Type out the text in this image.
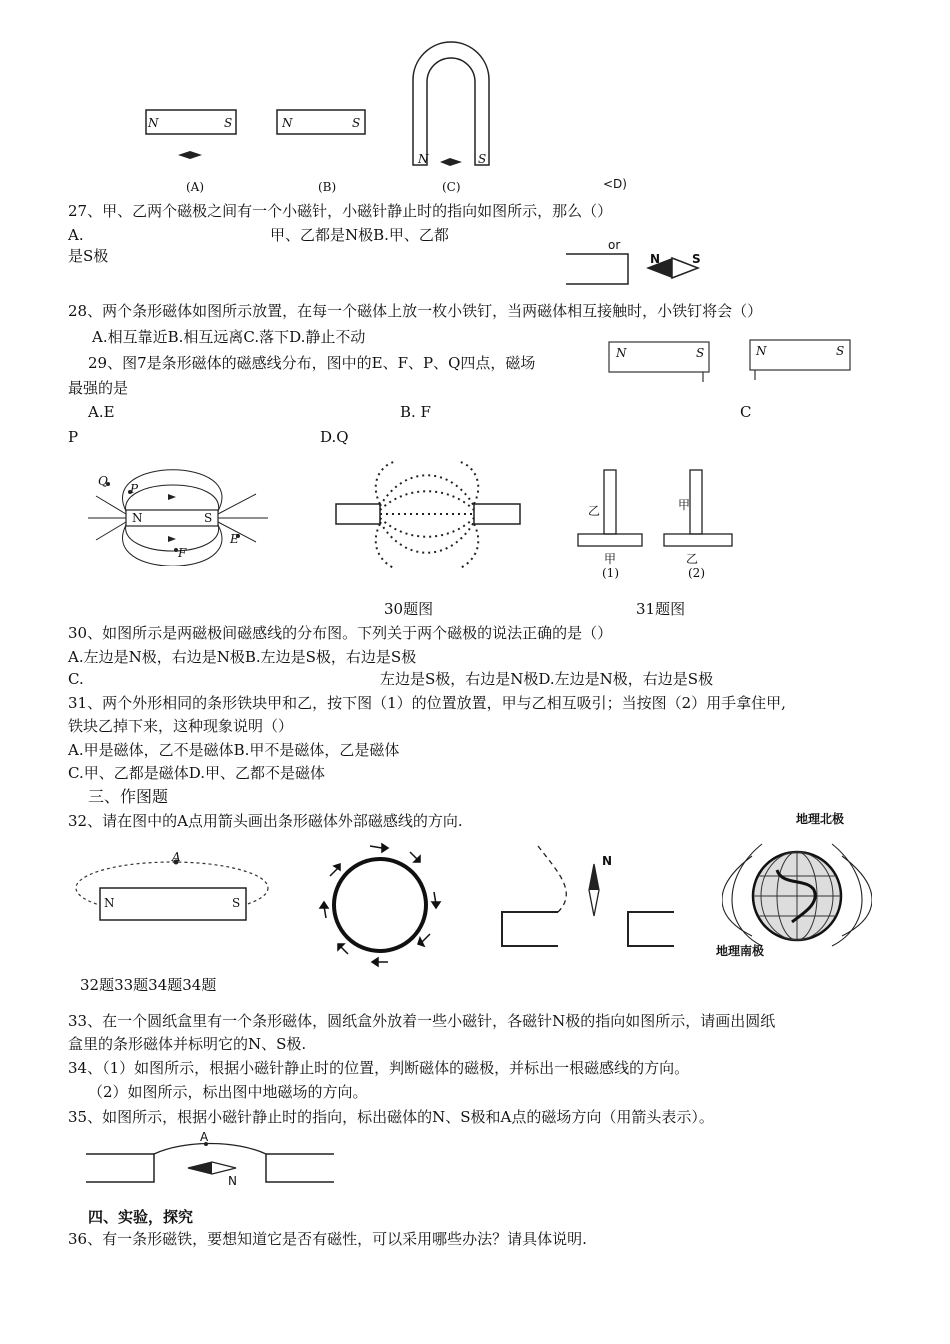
N	S	N	S
N	S
(A)	(B)	(C)	<D)
27、甲、乙两个磁极之间有一个小磁针，小磁针静止时的指向如图所示，那么（）
A.	甲、乙都是N极B.甲、乙都
是S极
or
N	S
28、两个条形磁体如图所示放置，在每一个磁体上放一枚小铁钉，当两磁体相互接触时，小铁钉将会（）
A.相互靠近B.相互远离C.落下D.静止不动
N	S	N	S
29、图7是条形磁体的磁感线分布，图中的E、F、P、Q四点，磁场
最强的是
A.E	B. F	C
P	D.Q
Q
P
N	S
F
E
乙	甲
甲	乙
(1)	(2)
30题图	31题图
30、如图所示是两磁极间磁感线的分布图。下列关于两个磁极的说法正确的是（）
A.左边是N极，右边是N极B.左边是S极，右边是S极
C.	左边是S极，右边是N极D.左边是N极，右边是S极
31、两个外形相同的条形铁块甲和乙，按下图（1）的位置放置，甲与乙相互吸引；当按图（2）用手拿住甲,
铁块乙掉下来，这种现象说明（）
A.甲是磁体，乙不是磁体B.甲不是磁体，乙是磁体
C.甲、乙都是磁体D.甲、乙都不是磁体
三、作图题
32、请在图中的A点用箭头画出条形磁体外部磁感线的方向.
A
N	S
N
地理北极
地理南极
32题33题34题34题
33、在一个圆纸盒里有一个条形磁体，圆纸盒外放着一些小磁针，各磁针N极的指向如图所示，请画出圆纸
盒里的条形磁体并标明它的N、S极.
34、（1）如图所示，根据小磁针静止时的位置，判断磁体的磁极，并标出一根磁感线的方向。
（2）如图所示，标出图中地磁场的方向。
35、如图所示，根据小磁针静止时的指向，标出磁体的N、S极和A点的磁场方向（用箭头表示）。
A
N
四、实验，探究
36、有一条形磁铁，要想知道它是否有磁性，可以采用哪些办法？请具体说明.
